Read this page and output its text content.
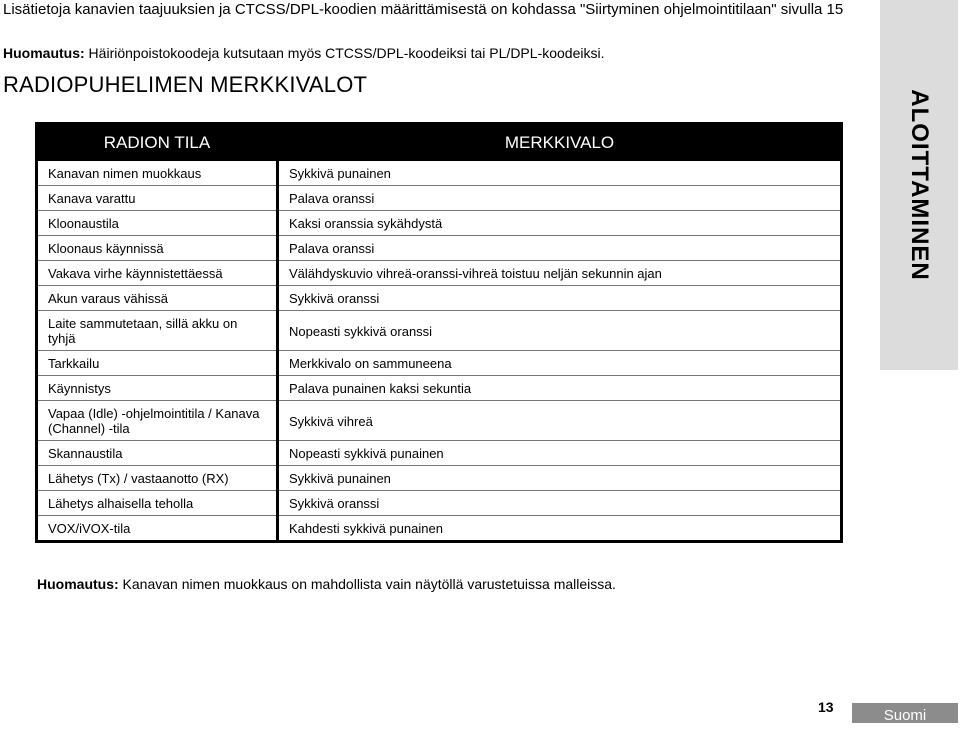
Lisätietoja kanavien taajuuksien ja CTCSS/DPL-koodien määrittämisestä on kohdassa "Siirtyminen ohjelmointitilaan" sivulla 15
Huomautus: Häiriönpoistokoodeja kutsutaan myös CTCSS/DPL-koodeiksi tai PL/DPL-koodeiksi.
RADIOPUHELIMEN MERKKIVALOT
RADION TILA	MERKKIVALO
Kanavan nimen muokkaus	Sykkivä punainen
Kanava varattu	Palava oranssi
Kloonaustila	Kaksi oranssia sykähdystä
Kloonaus käynnissä	Palava oranssi
Vakava virhe käynnistettäessä	Välähdyskuvio vihreä-oranssi-vihreä toistuu neljän sekunnin ajan
Akun varaus vähissä	Sykkivä oranssi
Laite sammutetaan, sillä akku on tyhjä	Nopeasti sykkivä oranssi
Tarkkailu	Merkkivalo on sammuneena
Käynnistys	Palava punainen kaksi sekuntia
Vapaa (Idle) -ohjelmointitila / Kanava (Channel) -tila	Sykkivä vihreä
Skannaustila	Nopeasti sykkivä punainen
Lähetys (Tx) / vastaanotto (RX)	Sykkivä punainen
Lähetys alhaisella teholla	Sykkivä oranssi
VOX/iVOX-tila	Kahdesti sykkivä punainen
Huomautus: Kanavan nimen muokkaus on mahdollista vain näytöllä varustetuissa malleissa.
ALOITTAMINEN
13	Suomi
